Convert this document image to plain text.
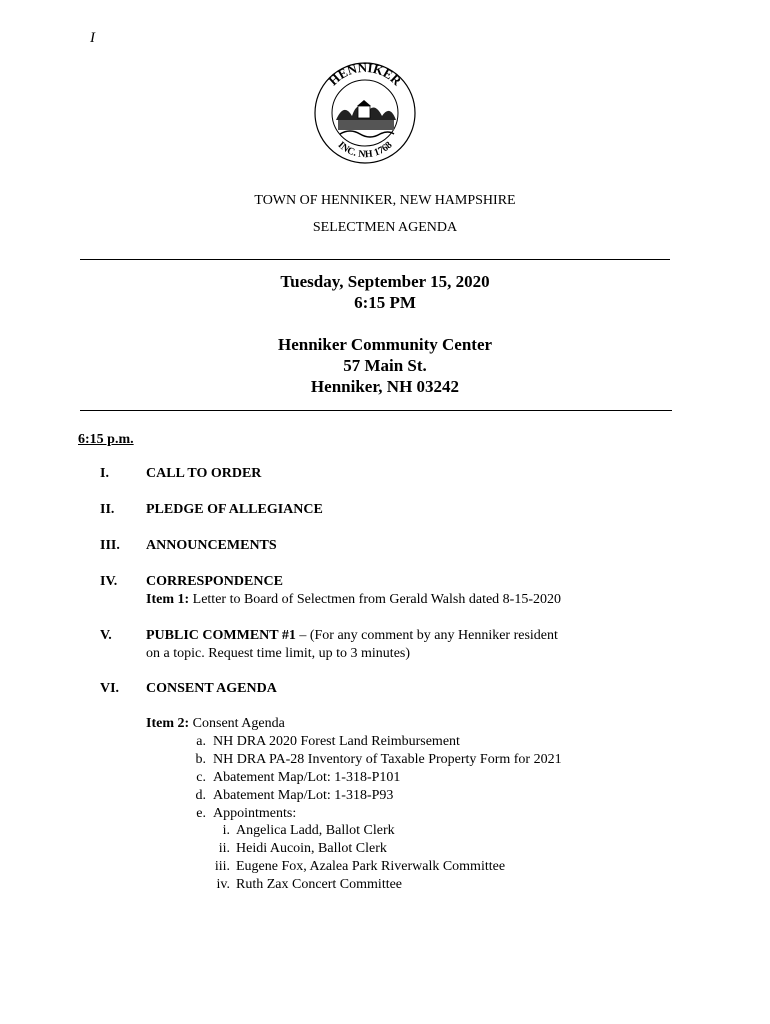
I
HENNIKER
INC. NH 1768
TOWN OF HENNIKER, NEW HAMPSHIRE
SELECTMEN AGENDA
Tuesday, September 15, 2020
6:15 PM
Henniker Community Center
57 Main St.
Henniker, NH 03242
6:15 p.m.
I.	CALL TO ORDER
II. PLEDGE OF ALLEGIANCE
III. ANNOUNCEMENTS
IV. CORRESPONDENCE
Item 1: Letter to Board of Selectmen from Gerald Walsh dated 8-15-2020
V. PUBLIC COMMENT #1 – (For any comment by any Henniker resident
on a topic. Request time limit, up to 3 minutes)
VI. CONSENT AGENDA
Item 2: Consent Agenda
a. NH DRA 2020 Forest Land Reimbursement
b. NH DRA PA-28 Inventory of Taxable Property Form for 2021
c. Abatement Map/Lot: 1-318-P101
d. Abatement Map/Lot: 1-318-P93
e. Appointments:
i. Angelica Ladd, Ballot Clerk
ii. Heidi Aucoin, Ballot Clerk
iii. Eugene Fox, Azalea Park Riverwalk Committee
iv. Ruth Zax Concert Committee
